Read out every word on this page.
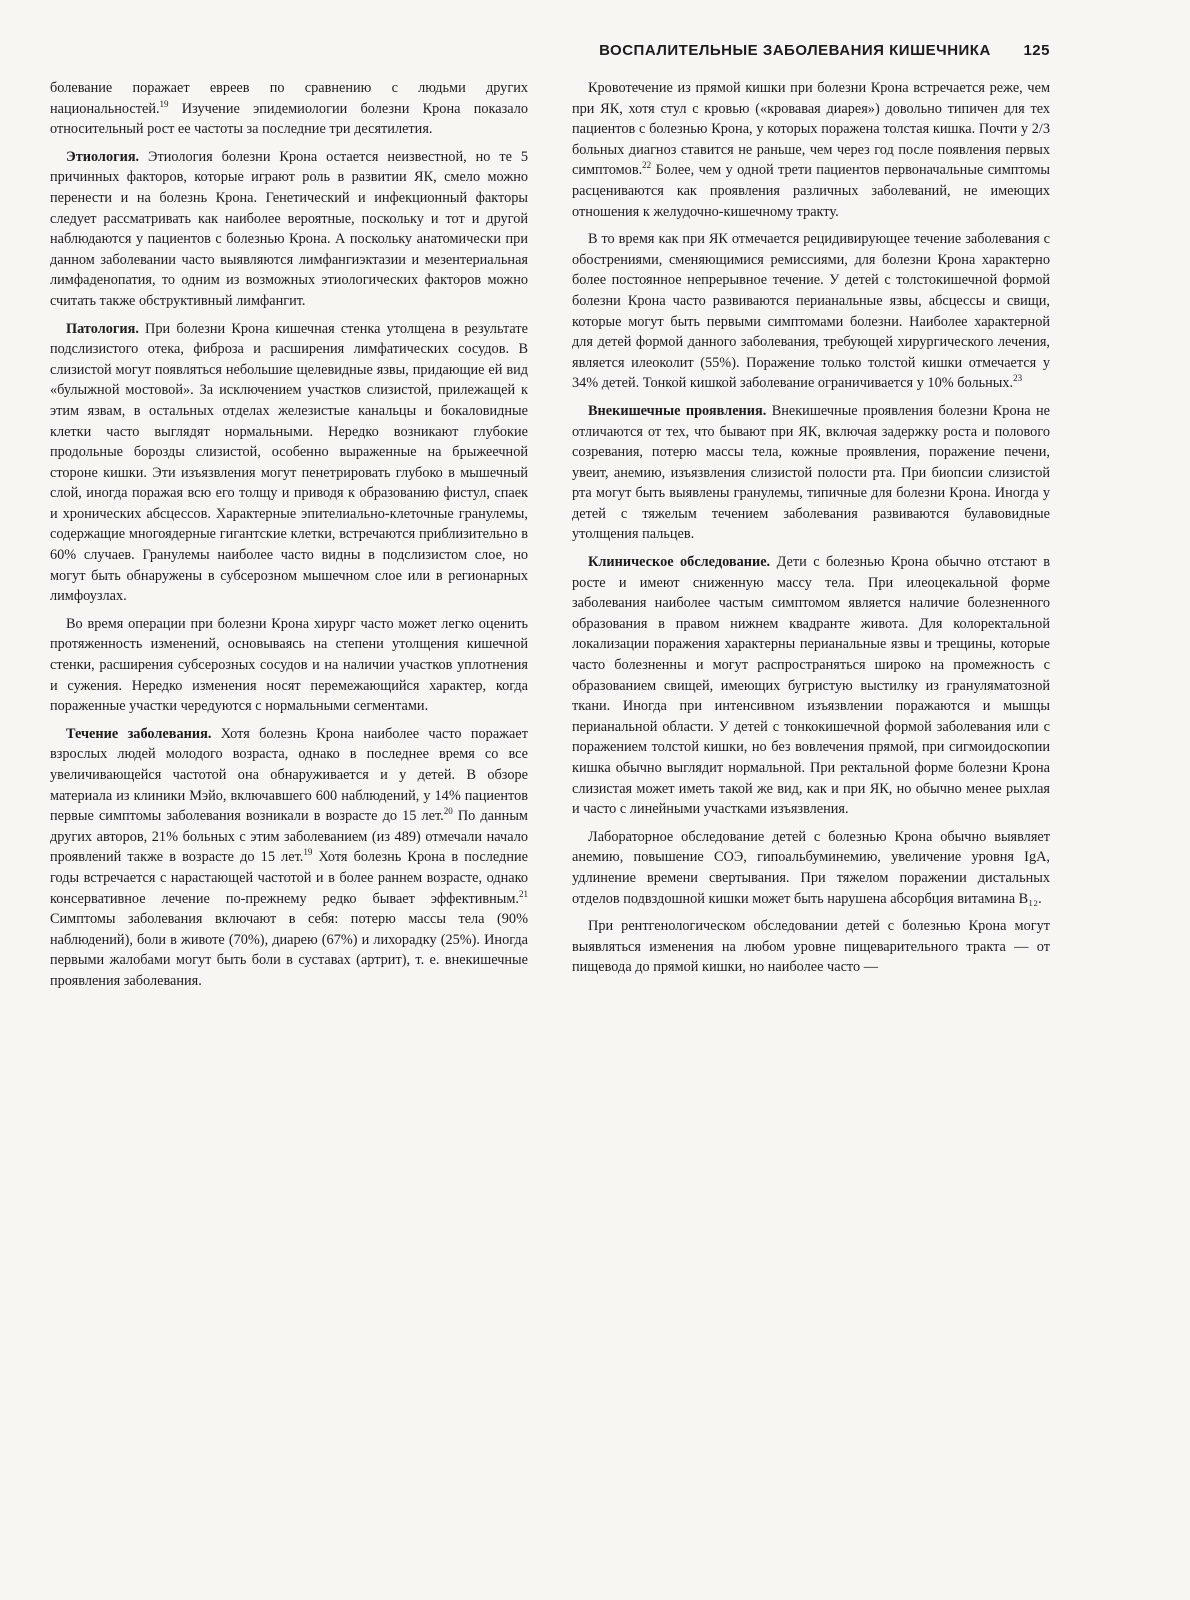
ВОСПАЛИТЕЛЬНЫЕ ЗАБОЛЕВАНИЯ КИШЕЧНИКА 125

болевание поражает евреев по сравнению с людьми других национальностей.$^{19}$ Изучение эпидемиологии болезни Крона показало относительный рост ее частоты за последние три десятилетия.

Этиология. Этиология болезни Крона остается неизвестной, но те 5 причинных факторов, которые играют роль в развитии ЯК, смело можно перенести и на болезнь Крона. Генетический и инфекционный факторы следует рассматривать как наиболее вероятные, поскольку и тот и другой наблюдаются у пациентов с болезнью Крона. А поскольку анатомически при данном заболевании часто выявляются лимфангиэктазии и мезентериальная лимфаденопатия, то одним из возможных этиологических факторов можно считать также обструктивный лимфангит.

Патология. При болезни Крона кишечная стенка утолщена в результате подслизистого отека, фиброза и расширения лимфатических сосудов. В слизистой могут появляться небольшие щелевидные язвы, придающие ей вид «булыжной мостовой». За исключением участков слизистой, прилежащей к этим язвам, в остальных отделах железистые канальцы и бокаловидные клетки часто выглядят нормальными. Нередко возникают глубокие продольные борозды слизистой, особенно выраженные на брыжеечной стороне кишки. Эти изъязвления могут пенетрировать глубоко в мышечный слой, иногда поражая всю его толщу и приводя к образованию фистул, спаек и хронических абсцессов. Характерные эпителиально-клеточные гранулемы, содержащие многоядерные гигантские клетки, встречаются приблизительно в 60% случаев. Гранулемы наиболее часто видны в подслизистом слое, но могут быть обнаружены в субсерозном мышечном слое или в регионарных лимфоузлах.

Во время операции при болезни Крона хирург часто может легко оценить протяженность изменений, основываясь на степени утолщения кишечной стенки, расширения субсерозных сосудов и на наличии участков уплотнения и сужения. Нередко изменения носят перемежающийся характер, когда пораженные участки чередуются с нормальными сегментами.

Течение заболевания. Хотя болезнь Крона наиболее часто поражает взрослых людей молодого возраста, однако в последнее время со все увеличивающейся частотой она обнаруживается и у детей. В обзоре материала из клиники Мэйо, включавшего 600 наблюдений, у 14% пациентов первые симптомы заболевания возникали в возрасте до 15 лет.$^{20}$ По данным других авторов, 21% больных с этим заболеванием (из 489) отмечали начало проявлений также в возрасте до 15 лет.$^{19}$ Хотя болезнь Крона в последние годы встречается с нарастающей частотой и в более раннем возрасте, однако консервативное лечение по-прежнему редко бывает эффективным.$^{21}$ Симптомы заболевания включают в себя: потерю массы тела (90% наблюдений), боли в животе (70%), диарею (67%) и лихорадку (25%). Иногда первыми жалобами могут быть боли в суставах (артрит), т. е. внекишечные проявления заболевания.

Кровотечение из прямой кишки при болезни Крона встречается реже, чем при ЯК, хотя стул с кровью («кровавая диарея») довольно типичен для тех пациентов с болезнью Крона, у которых поражена толстая кишка. Почти у 2/3 больных диагноз ставится не раньше, чем через год после появления первых симптомов.$^{22}$ Более, чем у одной трети пациентов первоначальные симптомы расцениваются как проявления различных заболеваний, не имеющих отношения к желудочно-кишечному тракту.

В то время как при ЯК отмечается рецидивирующее течение заболевания с обострениями, сменяющимися ремиссиями, для болезни Крона характерно более постоянное непрерывное течение. У детей с толстокишечной формой болезни Крона часто развиваются перианальные язвы, абсцессы и свищи, которые могут быть первыми симптомами болезни. Наиболее характерной для детей формой данного заболевания, требующей хирургического лечения, является илеоколит (55%). Поражение только толстой кишки отмечается у 34% детей. Тонкой кишкой заболевание ограничивается у 10% больных.$^{23}$

Внекишечные проявления. Внекишечные проявления болезни Крона не отличаются от тех, что бывают при ЯК, включая задержку роста и полового созревания, потерю массы тела, кожные проявления, поражение печени, увеит, анемию, изъязвления слизистой полости рта. При биопсии слизистой рта могут быть выявлены гранулемы, типичные для болезни Крона. Иногда у детей с тяжелым течением заболевания развиваются булавовидные утолщения пальцев.

Клиническое обследование. Дети с болезнью Крона обычно отстают в росте и имеют сниженную массу тела. При илеоцекальной форме заболевания наиболее частым симптомом является наличие болезненного образования в правом нижнем квадранте живота. Для колоректальной локализации поражения характерны перианальные язвы и трещины, которые часто болезненны и могут распространяться широко на промежность с образованием свищей, имеющих бугристую выстилку из грануляматозной ткани. Иногда при интенсивном изъязвлении поражаются и мышцы перианальной области. У детей с тонкокишечной формой заболевания или с поражением толстой кишки, но без вовлечения прямой, при сигмоидоскопии кишка обычно выглядит нормальной. При ректальной форме болезни Крона слизистая может иметь такой же вид, как и при ЯК, но обычно менее рыхлая и часто с линейными участками изъязвления.

Лабораторное обследование детей с болезнью Крона обычно выявляет анемию, повышение СОЭ, гипоальбуминемию, увеличение уровня IgA, удлинение времени свертывания. При тяжелом поражении дистальных отделов подвздошной кишки может быть нарушена абсорбция витамина B₁₂.

При рентгенологическом обследовании детей с болезнью Крона могут выявляться изменения на любом уровне пищеварительного тракта — от пищевода до прямой кишки, но наиболее часто —
